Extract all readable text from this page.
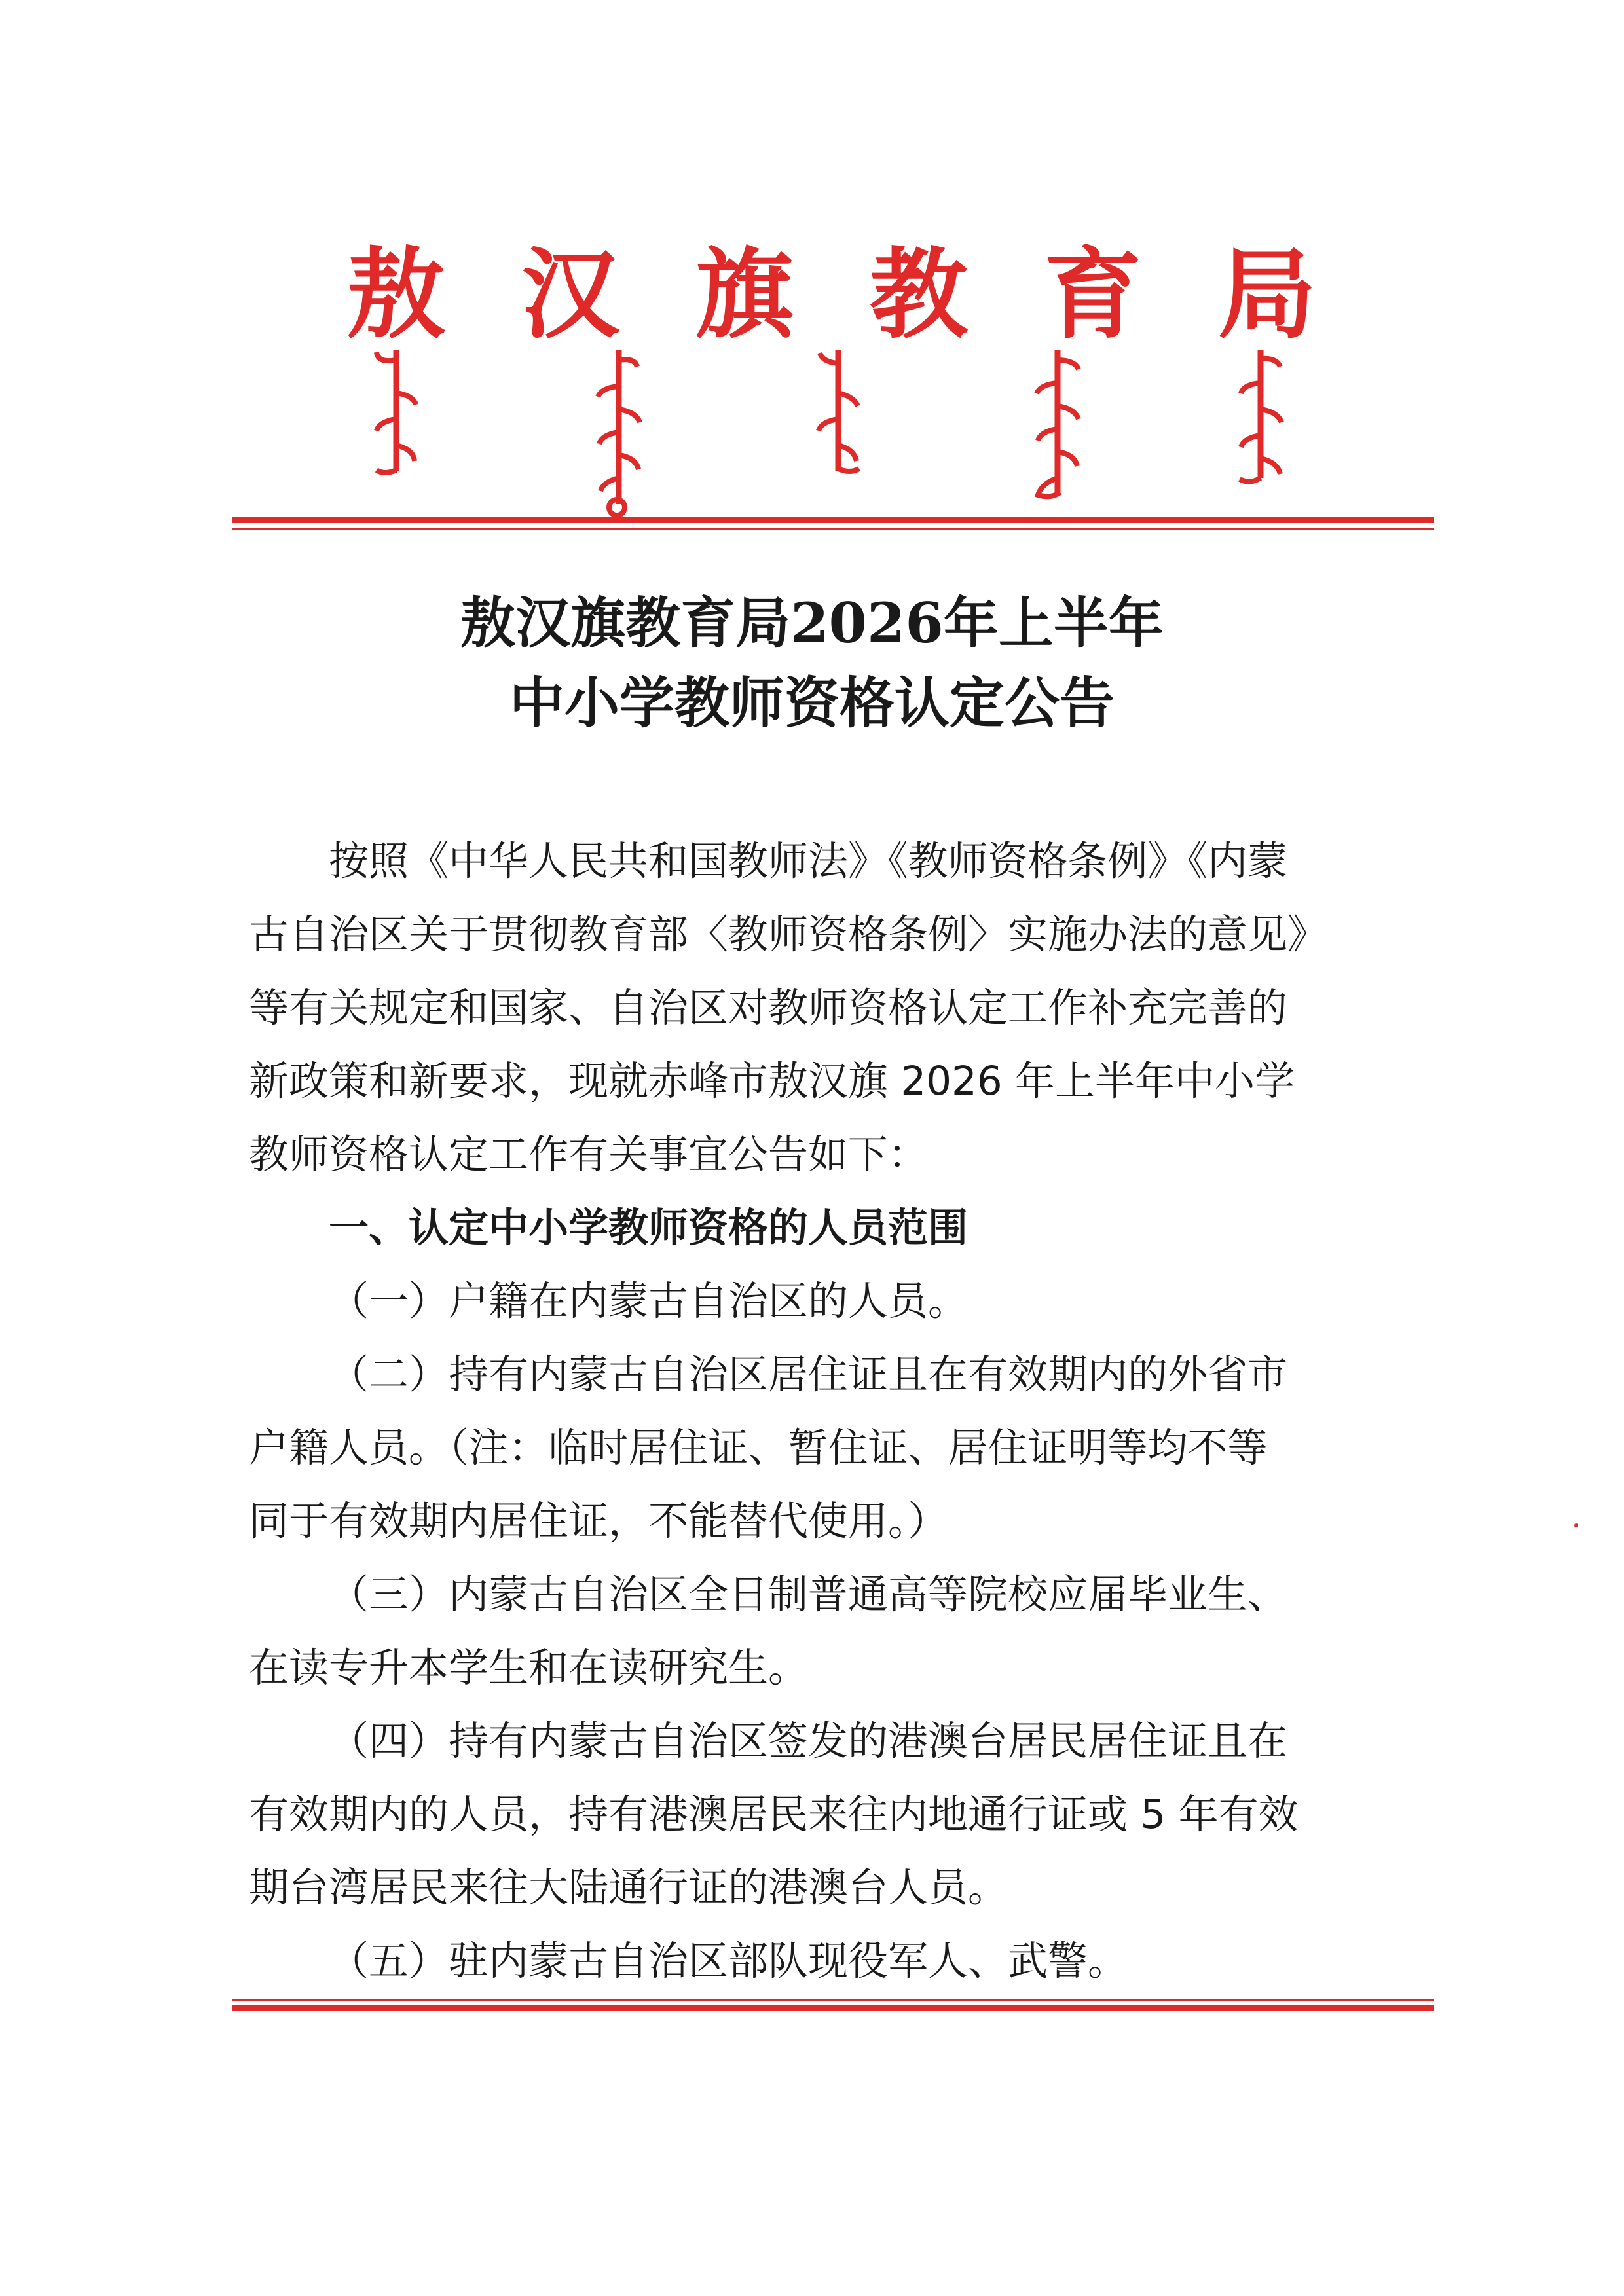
敖 汉 旗 教 育 局
敖汉旗教育局2026年上半年
中小学教师资格认定公告
按照《中华人民共和国教师法》《教师资格条例》《内蒙
古自治区关于贯彻教育部〈教师资格条例〉实施办法的意见》
等有关规定和国家、自治区对教师资格认定工作补充完善的
新政策和新要求，现就赤峰市敖汉旗 2026 年上半年中小学
教师资格认定工作有关事宜公告如下：
一、认定中小学教师资格的人员范围
（一）户籍在内蒙古自治区的人员。
（二）持有内蒙古自治区居住证且在有效期内的外省市
户籍人员。（注：临时居住证、暂住证、居住证明等均不等
同于有效期内居住证，不能替代使用。）
（三）内蒙古自治区全日制普通高等院校应届毕业生、
在读专升本学生和在读研究生。
（四）持有内蒙古自治区签发的港澳台居民居住证且在
有效期内的人员，持有港澳居民来往内地通行证或 5 年有效
期台湾居民来往大陆通行证的港澳台人员。
（五）驻内蒙古自治区部队现役军人、武警。
